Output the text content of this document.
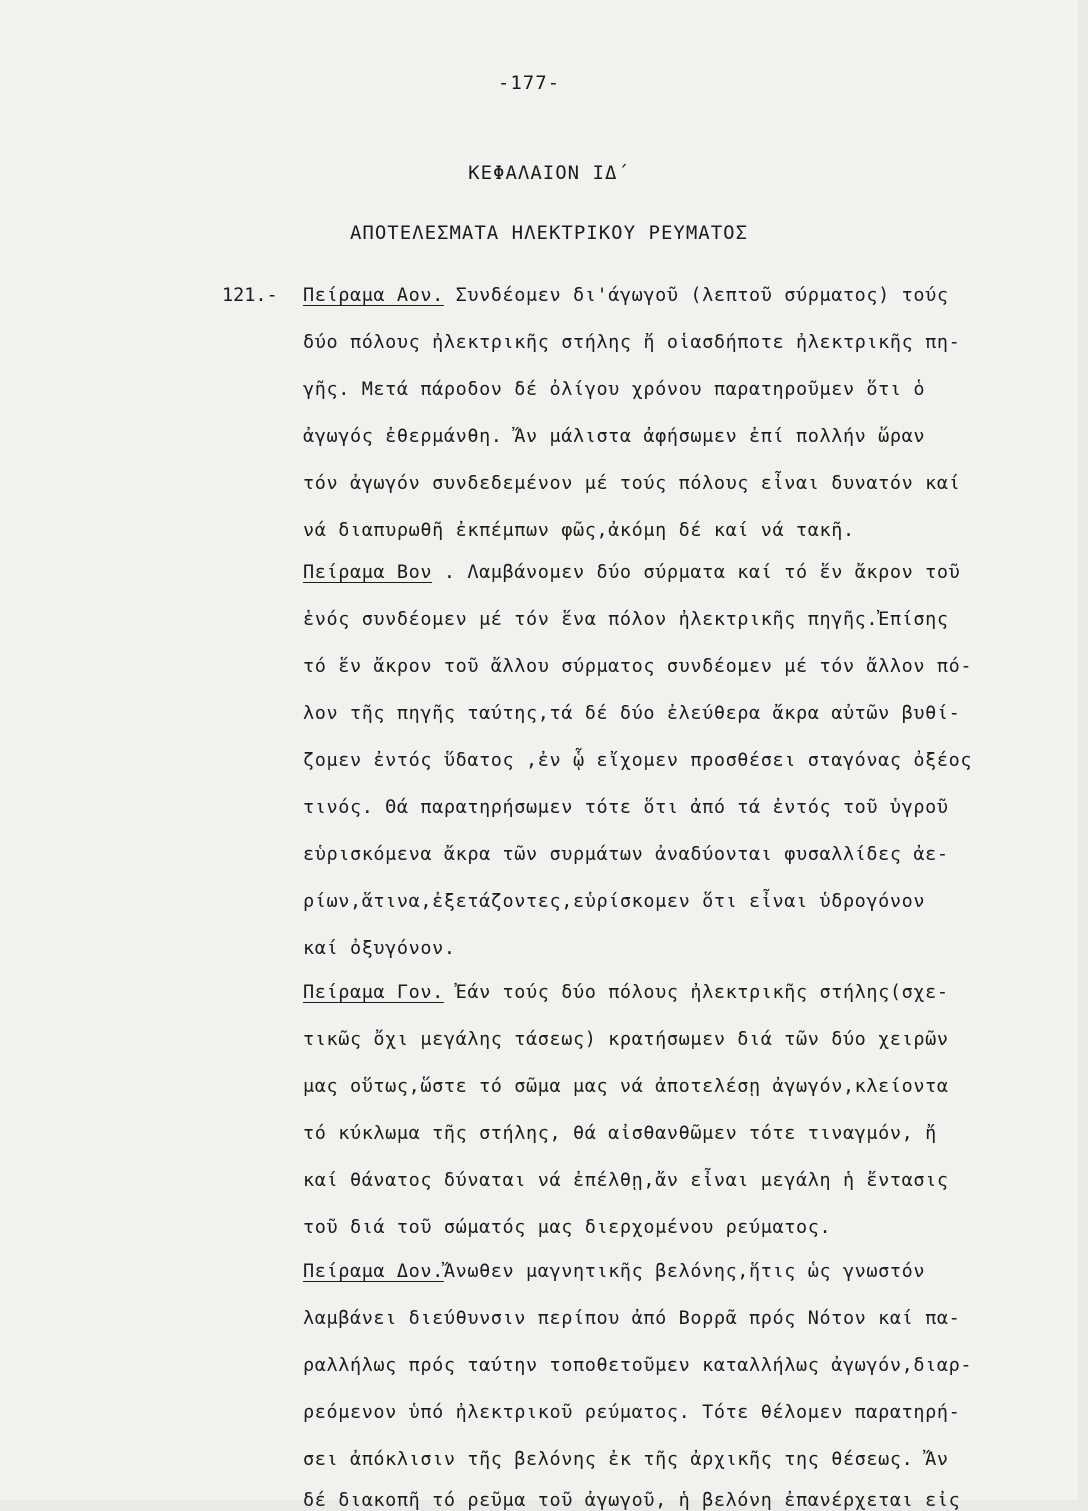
-177-
ΚΕΦΑΛΑΙΟΝ ΙΔ΄
ΑΠΟΤΕΛΕΣΜΑΤΑ ΗΛΕΚΤΡΙΚΟΥ ΡΕΥΜΑΤΟΣ
121.- Πείραμα Αον. Συνδέομεν δι'άγωγοῦ (λεπτοῦ σύρματος) τούς
δύο πόλους ἠλεκτρικῆς στήλης ἤ οἱασδήποτε ἠλεκτρικῆς πη-
γῆς. Μετά πάροδον δέ ὀλίγου χρόνου παρατηροῦμεν ὅτι ὁ
ἀγωγός ἐθερμάνθη. Ἄν μάλιστα ἀφήσωμεν ἐπί πολλήν ὥραν
τόν ἀγωγόν συνδεδεμένον μέ τούς πόλους εἶναι δυνατόν καί
νά διαπυρωθῆ ἐκπέμπων φῶς,ἀκόμη δέ καί νά τακῆ.
Πείραμα Βον . Λαμβάνομεν δύο σύρματα καί τό ἕν ἄκρον τοῦ
ἑνός συνδέομεν μέ τόν ἕνα πόλον ἠλεκτρικῆς πηγῆς.Ἐπίσης
τό ἕν ἄκρον τοῦ ἄλλου σύρματος συνδέομεν μέ τόν ἄλλον πό-
λον τῆς πηγῆς ταύτης,τά δέ δύο ἐλεύθερα ἄκρα αὐτῶν βυθί-
ζομεν ἐντός ὕδατος ,ἐν ᾧ εἴχομεν προσθέσει σταγόνας ὀξέος
τινός. Θά παρατηρήσωμεν τότε ὅτι ἀπό τά ἐντός τοῦ ὑγροῦ
εὑρισκόμενα ἄκρα τῶν συρμάτων ἀναδύονται φυσαλλίδες ἀε-
ρίων,ἅτινα,ἐξετάζοντες,εὑρίσκομεν ὅτι εἶναι ὑδρογόνον
καί ὀξυγόνον.
Πείραμα Γον. Ἐάν τούς δύο πόλους ἠλεκτρικῆς στήλης(σχε-
τικῶς ὄχι μεγάλης τάσεως) κρατήσωμεν διά τῶν δύο χειρῶν
μας οὕτως,ὥστε τό σῶμα μας νά ἀποτελέσῃ ἀγωγόν,κλείοντα
τό κύκλωμα τῆς στήλης, θά αἰσθανθῶμεν τότε τιναγμόν, ἤ
καί θάνατος δύναται νά ἐπέλθῃ,ἄν εἶναι μεγάλη ἡ ἔντασις
τοῦ διά τοῦ σώματός μας διερχομένου ρεύματος.
Πείραμα Δον.Ἄνωθεν μαγνητικῆς βελόνης,ἥτις ὡς γνωστόν
λαμβάνει διεύθυνσιν περίπου ἀπό Βορρᾶ πρός Νότον καί πα-
ραλλήλως πρός ταύτην τοποθετοῦμεν καταλλήλως ἀγωγόν,διαρ-
ρεόμενον ὑπό ἠλεκτρικοῦ ρεύματος. Τότε θέλομεν παρατηρή-
σει ἀπόκλισιν τῆς βελόνης ἐκ τῆς ἀρχικῆς της θέσεως. Ἄν
δέ διακοπῆ τό ρεῦμα τοῦ ἀγωγοῦ, ἡ βελόνη ἐπανέρχεται εἰς
